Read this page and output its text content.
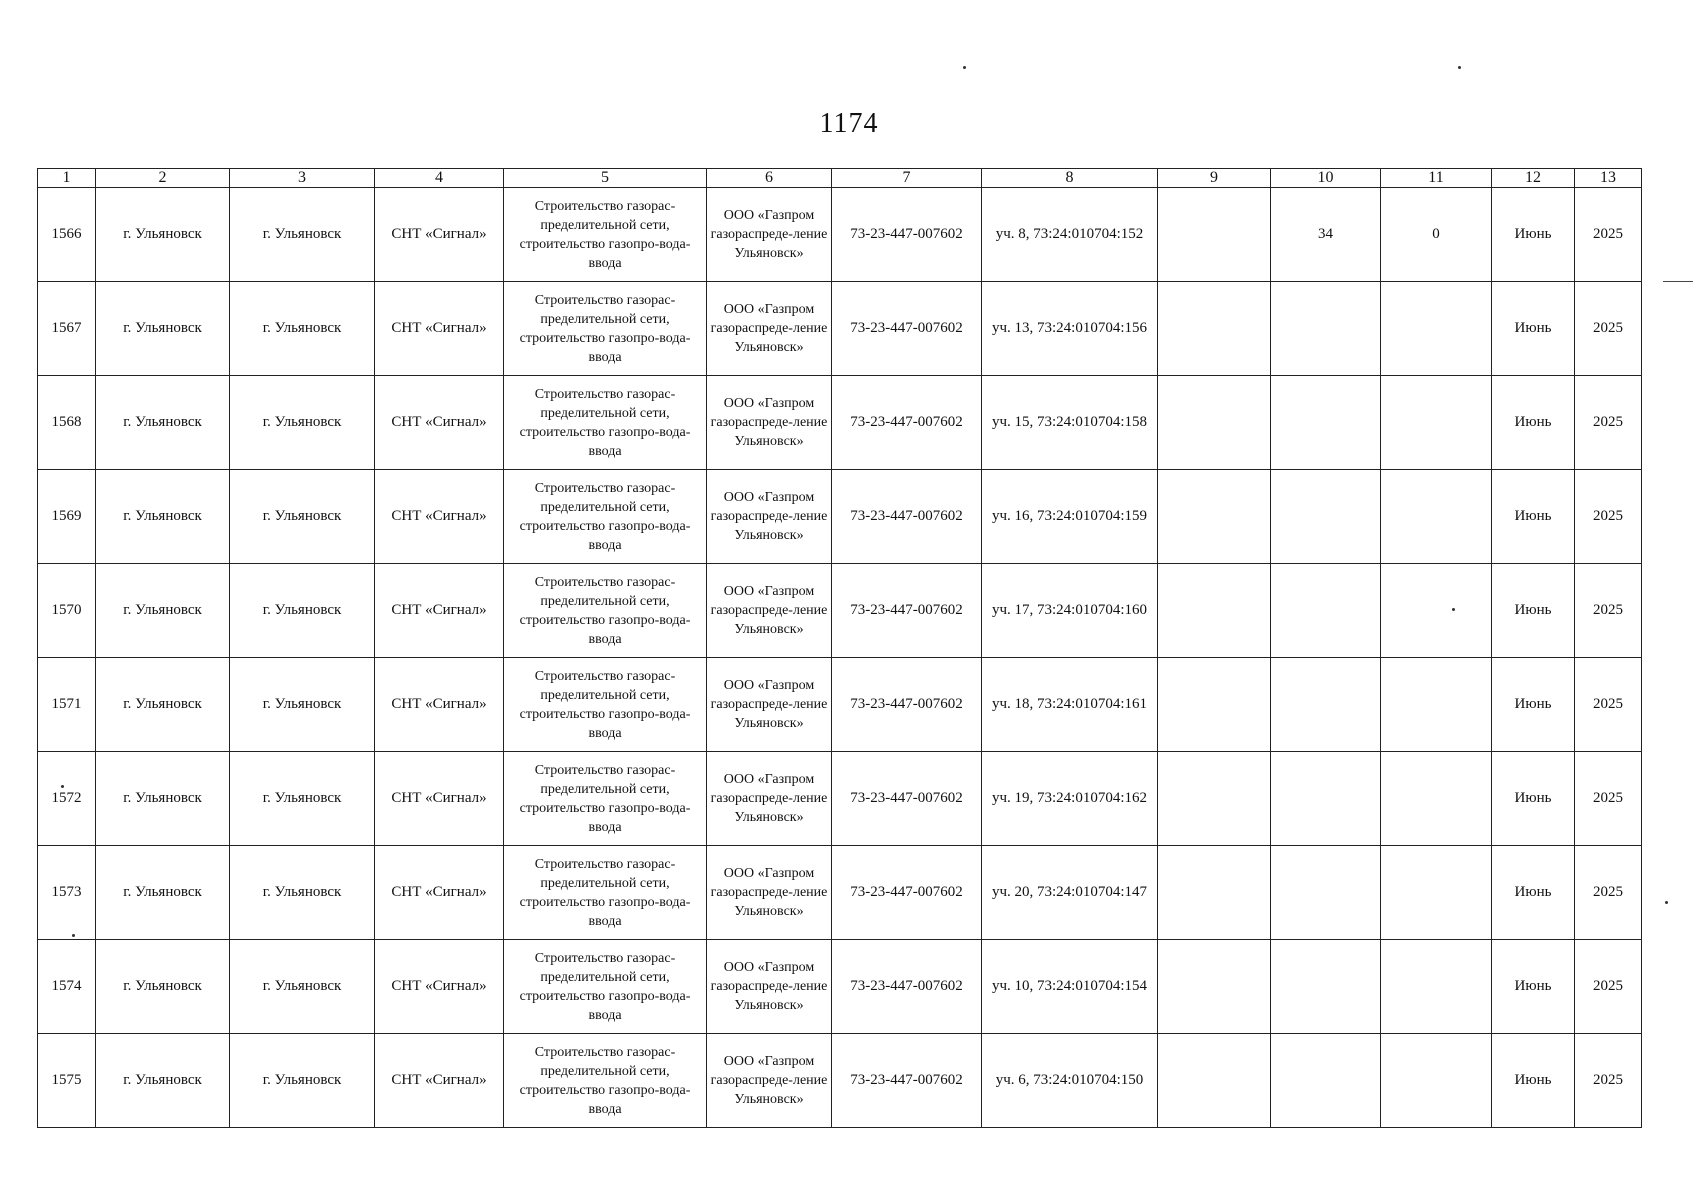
1174
1	2	3	4	5	6	7	8	9	10	11	12	13
1566	г. Ульяновск	г. Ульяновск	СНТ «Сигнал»	Строительство газорас-пределительной сети, строительство газопро-вода-ввода	ООО «Газпром газораспреде-ление Ульяновск»	73-23-447-007602	уч. 8, 73:24:010704:152		34	0	Июнь	2025
1567	г. Ульяновск	г. Ульяновск	СНТ «Сигнал»	Строительство газорас-пределительной сети, строительство газопро-вода-ввода	ООО «Газпром газораспреде-ление Ульяновск»	73-23-447-007602	уч. 13, 73:24:010704:156				Июнь	2025
1568	г. Ульяновск	г. Ульяновск	СНТ «Сигнал»	Строительство газорас-пределительной сети, строительство газопро-вода-ввода	ООО «Газпром газораспреде-ление Ульяновск»	73-23-447-007602	уч. 15, 73:24:010704:158				Июнь	2025
1569	г. Ульяновск	г. Ульяновск	СНТ «Сигнал»	Строительство газорас-пределительной сети, строительство газопро-вода-ввода	ООО «Газпром газораспреде-ление Ульяновск»	73-23-447-007602	уч. 16, 73:24:010704:159				Июнь	2025
1570	г. Ульяновск	г. Ульяновск	СНТ «Сигнал»	Строительство газорас-пределительной сети, строительство газопро-вода-ввода	ООО «Газпром газораспреде-ление Ульяновск»	73-23-447-007602	уч. 17, 73:24:010704:160				Июнь	2025
1571	г. Ульяновск	г. Ульяновск	СНТ «Сигнал»	Строительство газорас-пределительной сети, строительство газопро-вода-ввода	ООО «Газпром газораспреде-ление Ульяновск»	73-23-447-007602	уч. 18, 73:24:010704:161				Июнь	2025
1572	г. Ульяновск	г. Ульяновск	СНТ «Сигнал»	Строительство газорас-пределительной сети, строительство газопро-вода-ввода	ООО «Газпром газораспреде-ление Ульяновск»	73-23-447-007602	уч. 19, 73:24:010704:162				Июнь	2025
1573	г. Ульяновск	г. Ульяновск	СНТ «Сигнал»	Строительство газорас-пределительной сети, строительство газопро-вода-ввода	ООО «Газпром газораспреде-ление Ульяновск»	73-23-447-007602	уч. 20, 73:24:010704:147				Июнь	2025
1574	г. Ульяновск	г. Ульяновск	СНТ «Сигнал»	Строительство газорас-пределительной сети, строительство газопро-вода-ввода	ООО «Газпром газораспреде-ление Ульяновск»	73-23-447-007602	уч. 10, 73:24:010704:154				Июнь	2025
1575	г. Ульяновск	г. Ульяновск	СНТ «Сигнал»	Строительство газорас-пределительной сети, строительство газопро-вода-ввода	ООО «Газпром газораспреде-ление Ульяновск»	73-23-447-007602	уч. 6, 73:24:010704:150				Июнь	2025
